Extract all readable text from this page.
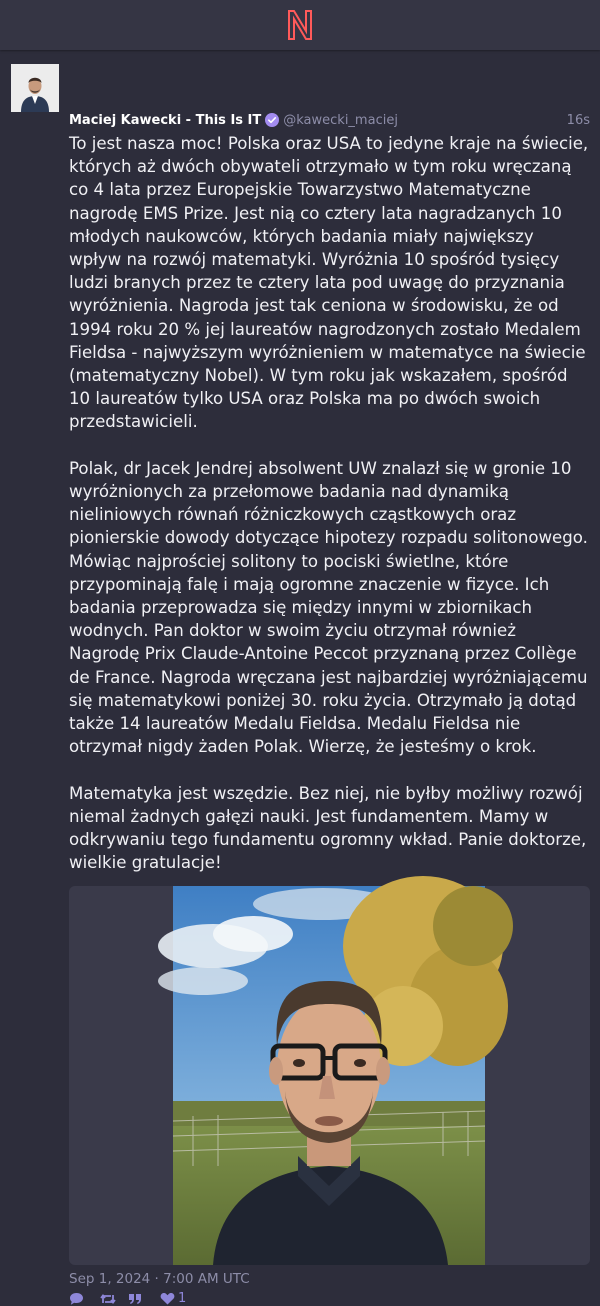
Maciej Kawecki - This Is IT @kawecki_maciej	16s

To jest nasza moc! Polska oraz USA to jedyne kraje na świecie, których aż dwóch obywateli otrzymało w tym roku wręczaną co 4 lata przez Europejskie Towarzystwo Matematyczne nagrodę EMS Prize. Jest nią co cztery lata nagradzanych 10 młodych naukowców, których badania miały największy wpływ na rozwój matematyki. Wyróżnia 10 spośród tysięcy ludzi branych przez te cztery lata pod uwagę do przyznania wyróżnienia. Nagroda jest tak ceniona w środowisku, że od 1994 roku 20 % jej laureatów nagrodzonych zostało Medalem Fieldsa - najwyższym wyróżnieniem w matematyce na świecie (matematyczny Nobel). W tym roku jak wskazałem, spośród 10 laureatów tylko USA oraz Polska ma po dwóch swoich przedstawicieli.

Polak, dr Jacek Jendrej absolwent UW znalazł się w gronie 10 wyróżnionych za przełomowe badania nad dynamiką nieliniowych równań różniczkowych cząstkowych oraz pionierskie dowody dotyczące hipotezy rozpadu solitonowego. Mówiąc najprościej solitony to pociski świetlne, które przypominają falę i mają ogromne znaczenie w fizyce. Ich badania przeprowadza się między innymi w zbiornikach wodnych. Pan doktor w swoim życiu otrzymał również Nagrodę Prix Claude-Antoine Peccot przyznaną przez Collège de France. Nagroda wręczana jest najbardziej wyróżniającemu się matematykowi poniżej 30. roku życia. Otrzymało ją dotąd także 14 laureatów Medalu Fieldsa. Medalu Fieldsa nie otrzymał nigdy żaden Polak. Wierzę, że jesteśmy o krok.

Matematyka jest wszędzie. Bez niej, nie byłby możliwy rozwój niemal żadnych gałęzi nauki. Jest fundamentem. Mamy w odkrywaniu tego fundamentu ogromny wkład. Panie doktorze, wielkie gratulacje!

Sep 1, 2024 · 7:00 AM UTC
1
